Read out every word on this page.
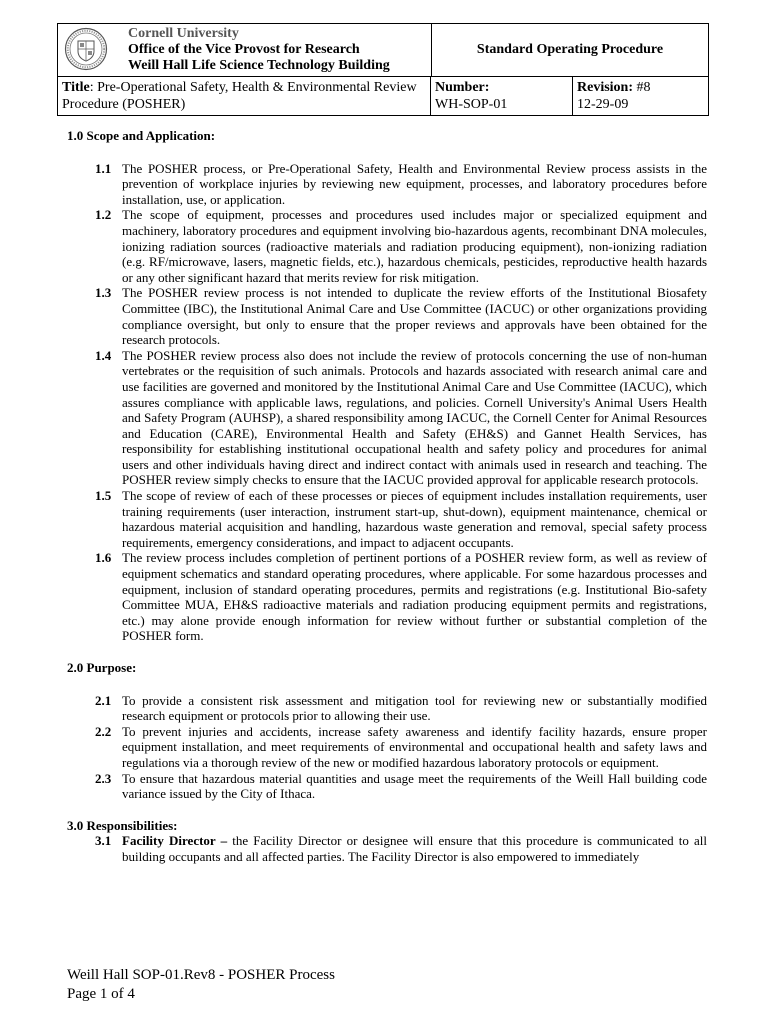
Cornell University
Office of the Vice Provost for Research
Weill Hall Life Science Technology Building
Standard Operating Procedure
Title: Pre-Operational Safety, Health & Environmental Review Procedure (POSHER)
Number:
WH-SOP-01
Revision: #8
12-29-09

1.0 Scope and Application:

1.1 The POSHER process, or Pre-Operational Safety, Health and Environmental Review process assists in the prevention of workplace injuries by reviewing new equipment, processes, and laboratory procedures before installation, use, or application.

1.2 The scope of equipment, processes and procedures used includes major or specialized equipment and machinery, laboratory procedures and equipment involving bio-hazardous agents, recombinant DNA molecules, ionizing radiation sources (radioactive materials and radiation producing equipment), non-ionizing radiation (e.g. RF/microwave, lasers, magnetic fields, etc.), hazardous chemicals, pesticides, reproductive health hazards or any other significant hazard that merits review for risk mitigation.

1.3 The POSHER review process is not intended to duplicate the review efforts of the Institutional Biosafety Committee (IBC), the Institutional Animal Care and Use Committee (IACUC) or other organizations providing compliance oversight, but only to ensure that the proper reviews and approvals have been obtained for the research protocols.

1.4 The POSHER review process also does not include the review of protocols concerning the use of non-human vertebrates or the requisition of such animals. Protocols and hazards associated with research animal care and use facilities are governed and monitored by the Institutional Animal Care and Use Committee (IACUC), which assures compliance with applicable laws, regulations, and policies. Cornell University's Animal Users Health and Safety Program (AUHSP), a shared responsibility among IACUC, the Cornell Center for Animal Resources and Education (CARE), Environmental Health and Safety (EH&S) and Gannet Health Services, has responsibility for establishing institutional occupational health and safety policy and procedures for animal users and other individuals having direct and indirect contact with animals used in research and teaching. The POSHER review simply checks to ensure that the IACUC provided approval for applicable research protocols.

1.5 The scope of review of each of these processes or pieces of equipment includes installation requirements, user training requirements (user interaction, instrument start-up, shut-down), equipment maintenance, chemical or hazardous material acquisition and handling, hazardous waste generation and removal, special safety process requirements, emergency considerations, and impact to adjacent occupants.

1.6 The review process includes completion of pertinent portions of a POSHER review form, as well as review of equipment schematics and standard operating procedures, where applicable. For some hazardous processes and equipment, inclusion of standard operating procedures, permits and registrations (e.g. Institutional Bio-safety Committee MUA, EH&S radioactive materials and radiation producing equipment permits and registrations, etc.) may alone provide enough information for review without further or substantial completion of the POSHER form.

2.0 Purpose:

2.1 To provide a consistent risk assessment and mitigation tool for reviewing new or substantially modified research equipment or protocols prior to allowing their use.

2.2 To prevent injuries and accidents, increase safety awareness and identify facility hazards, ensure proper equipment installation, and meet requirements of environmental and occupational health and safety laws and regulations via a thorough review of the new or modified hazardous laboratory protocols or equipment.

2.3 To ensure that hazardous material quantities and usage meet the requirements of the Weill Hall building code variance issued by the City of Ithaca.

3.0 Responsibilities:

3.1 Facility Director – the Facility Director or designee will ensure that this procedure is communicated to all building occupants and all affected parties. The Facility Director is also empowered to immediately

Weill Hall SOP-01.Rev8 - POSHER Process
Page 1 of 4
